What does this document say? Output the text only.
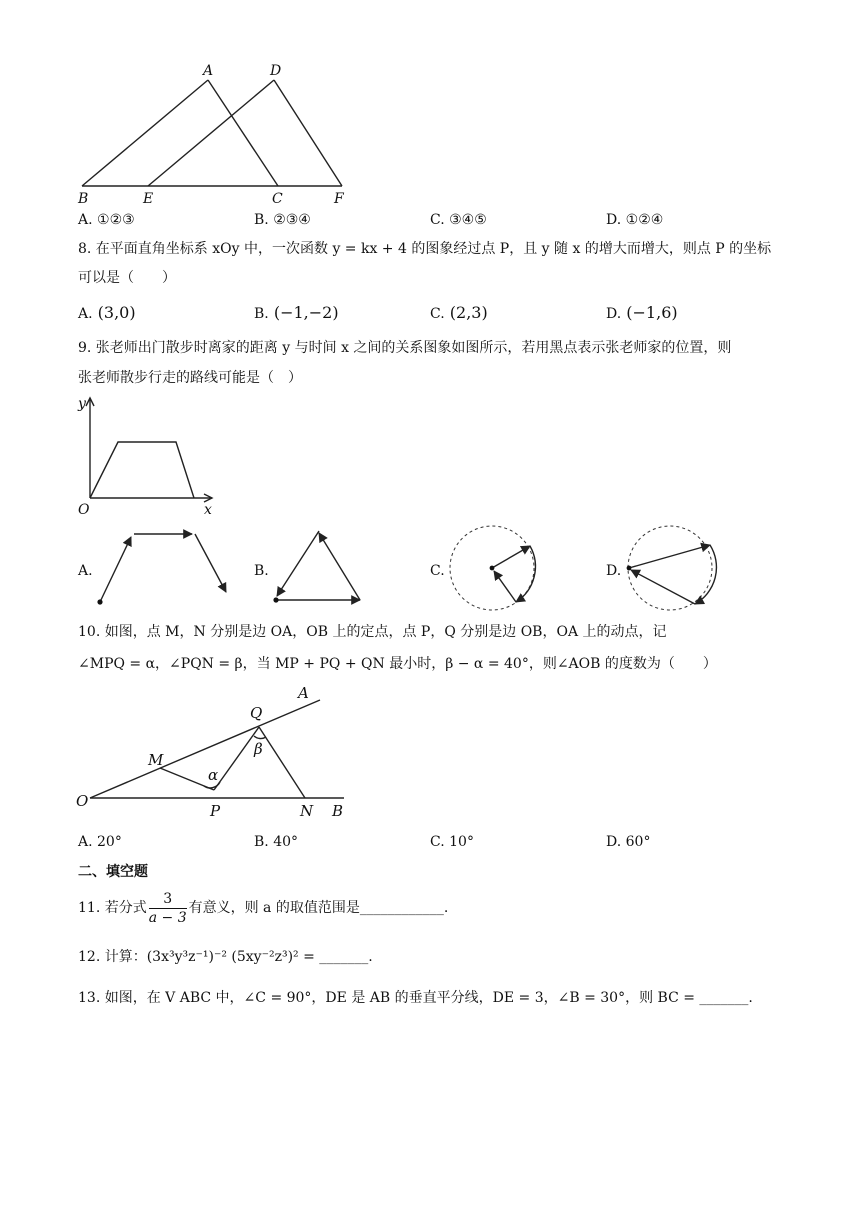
A	D
B	E	C	F
A. ①②③	B. ②③④	C. ③④⑤	D. ①②④
8. 在平面直角坐标系 xOy 中，一次函数 y = kx + 4 的图象经过点 P，且 y 随 x 的增大而增大，则点 P 的坐标
可以是（　　）
A. (3,0)	B. (−1,−2)	C. (2,3)	D. (−1,6)
9. 张老师出门散步时离家的距离 y 与时间 x 之间的关系图象如图所示，若用黑点表示张老师家的位置，则
张老师散步行走的路线可能是（　）
y
O	x
A.	B.	C.	D.
10. 如图，点 M，N 分别是边 OA，OB 上的定点，点 P，Q 分别是边 OB，OA 上的动点，记
∠MPQ = α，∠PQN = β，当 MP + PQ + QN 最小时，β − α = 40°，则∠AOB 的度数为（　　）
A
Q
β
M
α
O
P	N B
A. 20°	B. 40°	C. 10°	D. 60°
二、填空题
11. 若分式 $\frac{3}{a - 3}$ 有意义，则 a 的取值范围是____________.
12. 计算：(3x³y³z⁻¹)⁻² (5xy⁻²z³)² = _______.
13. 如图，在 V ABC 中，∠C = 90°，DE 是 AB 的垂直平分线，DE = 3，∠B = 30°，则 BC = _______.
